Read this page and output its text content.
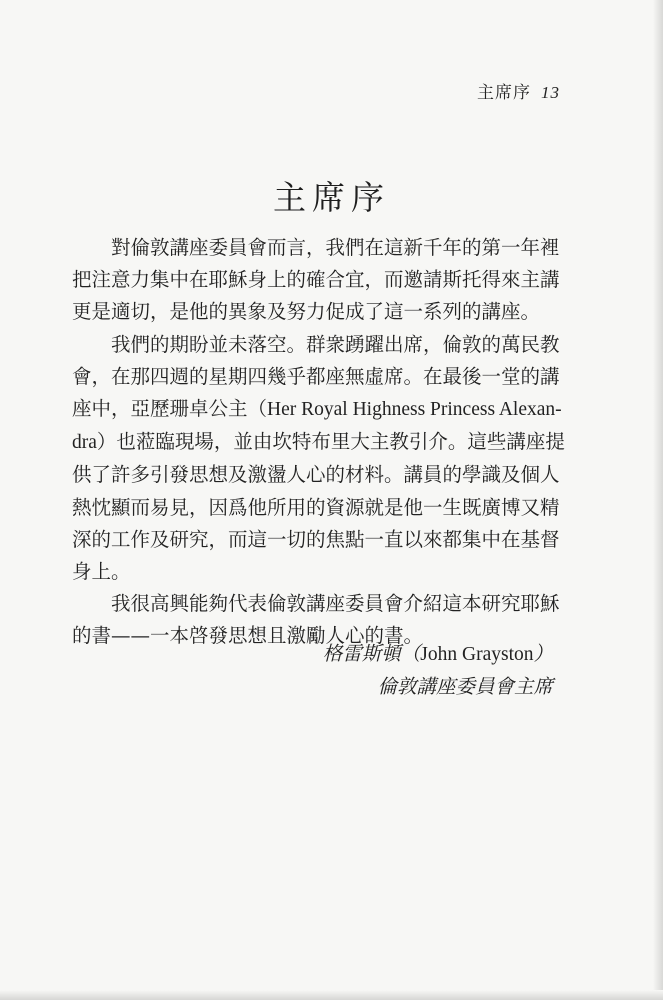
主席序 13
主席序

對倫敦講座委員會而言，我們在這新千年的第一年裡
把注意力集中在耶穌身上的確合宜，而邀請斯托得來主講
更是適切，是他的異象及努力促成了這一系列的講座。

我們的期盼並未落空。群衆踴躍出席，倫敦的萬民教
會，在那四週的星期四幾乎都座無虛席。在最後一堂的講
座中，亞歷珊卓公主（Her Royal Highness Princess Alexan-
dra）也蒞臨現場，並由坎特布里大主教引介。這些講座提
供了許多引發思想及激盪人心的材料。講員的學識及個人
熱忱顯而易見，因爲他所用的資源就是他一生既廣博又精
深的工作及研究，而這一切的焦點一直以來都集中在基督
身上。

我很高興能夠代表倫敦講座委員會介紹這本研究耶穌
的書——一本啓發思想且激勵人心的書。

格雷斯頓（John Grayston）
倫敦講座委員會主席
